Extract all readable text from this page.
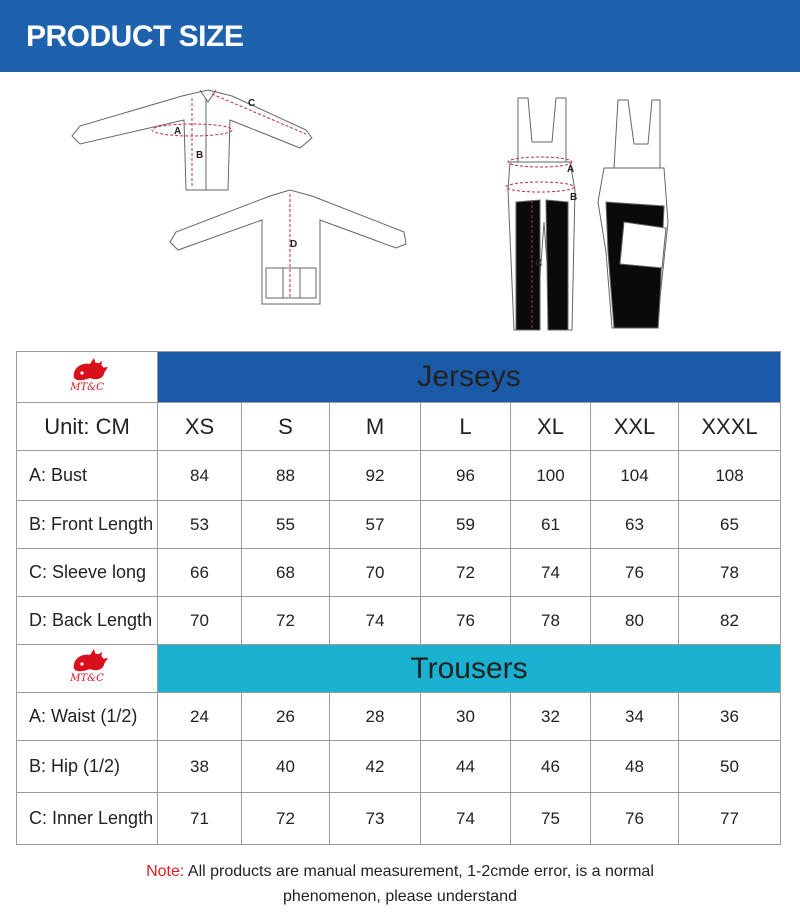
PRODUCT SIZE
A
B
C
D
A
B
C
MT&C	Jerseys						
Unit: CM	XS	S	M	L	XL	XXL	XXXL
A: Bust	84	88	92	96	100	104	108
B: Front Length	53	55	57	59	61	63	65
C: Sleeve long	66	68	70	72	74	76	78
D: Back Length	70	72	74	76	78	80	82

MT&C	Trousers						
A: Waist (1/2)	24	26	28	30	32	34	36
B: Hip (1/2)	38	40	42	44	46	48	50
C: Inner Length	71	72	73	74	75	76	77
Note: All products are manual measurement, 1-2cmde error, is a normal
phenomenon, please understand
